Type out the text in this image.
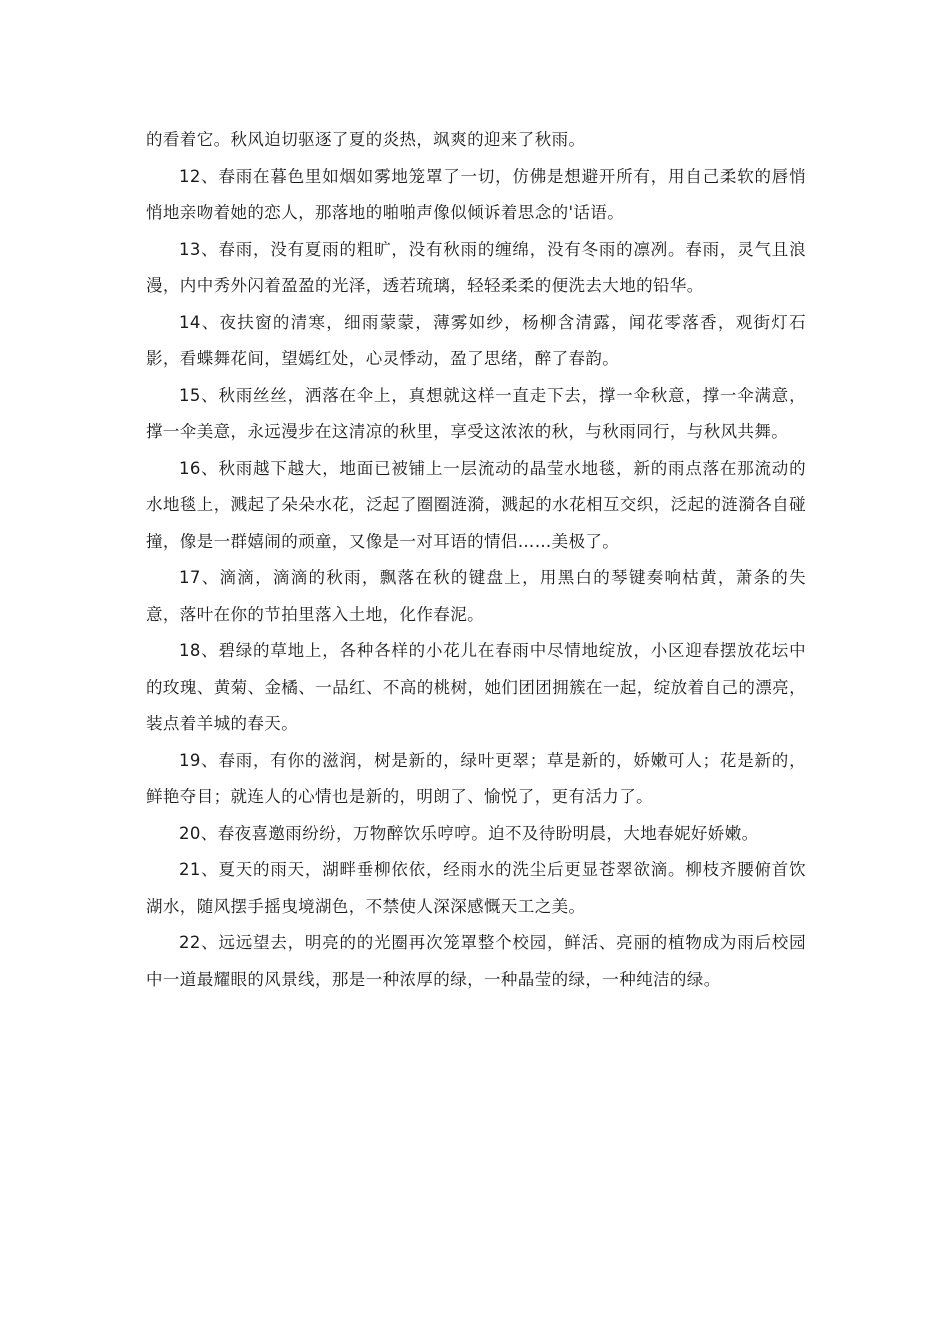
的看着它。秋风迫切驱逐了夏的炎热，飒爽的迎来了秋雨。

12、春雨在暮色里如烟如雾地笼罩了一切，仿佛是想避开所有，用自己柔软的唇悄悄地亲吻着她的恋人，那落地的啪啪声像似倾诉着思念的'话语。

13、春雨，没有夏雨的粗旷，没有秋雨的缠绵，没有冬雨的凛冽。春雨，灵气且浪漫，内中秀外闪着盈盈的光泽，透若琉璃，轻轻柔柔的便洗去大地的铅华。

14、夜扶窗的清寒，细雨蒙蒙，薄雾如纱，杨柳含清露，闻花零落香，观街灯石影，看蝶舞花间，望嫣红处，心灵悸动，盈了思绪，醉了春韵。

15、秋雨丝丝，洒落在伞上，真想就这样一直走下去，撑一伞秋意，撑一伞满意，撑一伞美意，永远漫步在这清凉的秋里，享受这浓浓的秋，与秋雨同行，与秋风共舞。

16、秋雨越下越大，地面已被铺上一层流动的晶莹水地毯，新的雨点落在那流动的水地毯上，溅起了朵朵水花，泛起了圈圈涟漪，溅起的水花相互交织，泛起的涟漪各自碰撞，像是一群嬉闹的顽童，又像是一对耳语的情侣……美极了。

17、滴滴，滴滴的秋雨，飘落在秋的键盘上，用黑白的琴键奏响枯黄，萧条的失意，落叶在你的节拍里落入土地，化作春泥。

18、碧绿的草地上，各种各样的小花儿在春雨中尽情地绽放，小区迎春摆放花坛中的玫瑰、黄菊、金橘、一品红、不高的桃树，她们团团拥簇在一起，绽放着自己的漂亮，装点着羊城的春天。

19、春雨，有你的滋润，树是新的，绿叶更翠；草是新的，娇嫩可人；花是新的，鲜艳夺目；就连人的心情也是新的，明朗了、愉悦了，更有活力了。

20、春夜喜邀雨纷纷，万物醉饮乐哼哼。迫不及待盼明晨，大地春妮好娇嫩。

21、夏天的雨天，湖畔垂柳依依，经雨水的洗尘后更显苍翠欲滴。柳枝齐腰俯首饮湖水，随风摆手摇曳境湖色，不禁使人深深感慨天工之美。

22、远远望去，明亮的的光圈再次笼罩整个校园，鲜活、亮丽的植物成为雨后校园中一道最耀眼的风景线，那是一种浓厚的绿，一种晶莹的绿，一种纯洁的绿。
